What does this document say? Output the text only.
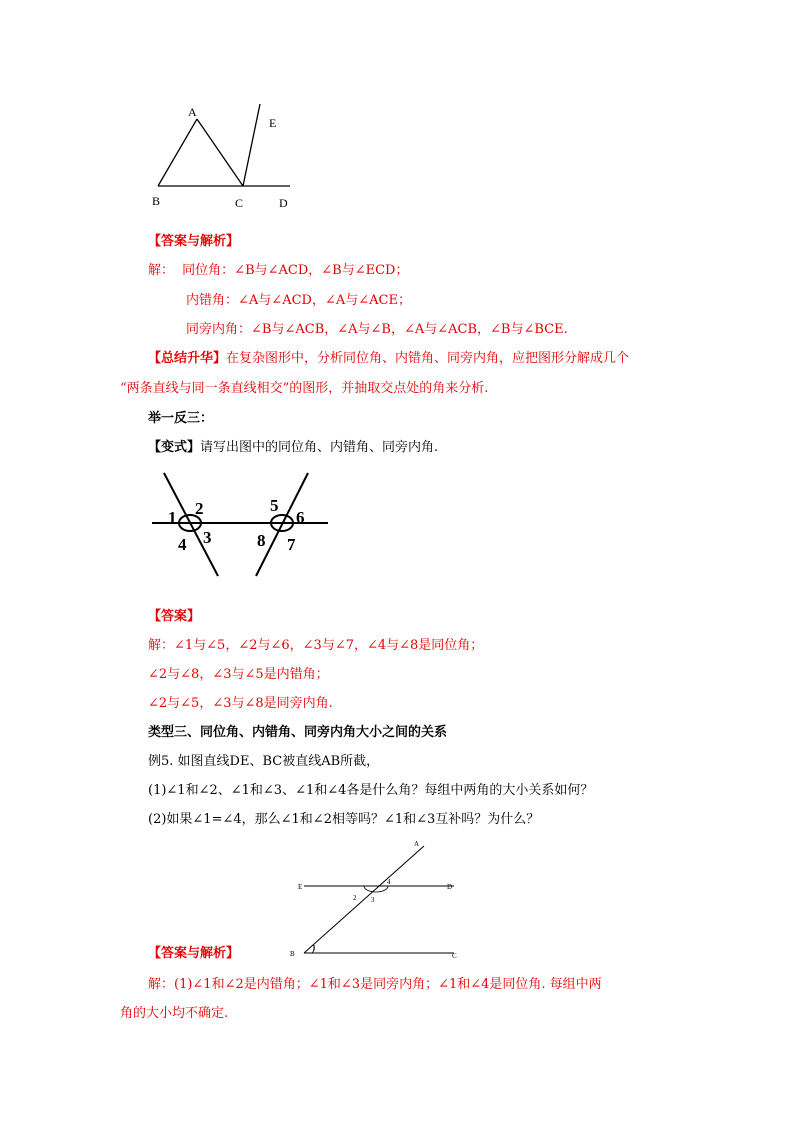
A
E
B	C	D
【答案与解析】
解： 同位角：∠B与∠ACD，∠B与∠ECD；
内错角：∠A与∠ACD，∠A与∠ACE；
同旁内角：∠B与∠ACB，∠A与∠B，∠A与∠ACB，∠B与∠BCE.
【总结升华】在复杂图形中，分析同位角、内错角、同旁内角，应把图形分解成几个
“两条直线与同一条直线相交”的图形，并抽取交点处的角来分析.
举一反三：
【变式】请写出图中的同位角、内错角、同旁内角.
1 2
3
4
5
6
7
8
【答案】
解：∠1与∠5，∠2与∠6，∠3与∠7，∠4与∠8是同位角；
∠2与∠8，∠3与∠5是内错角；
∠2与∠5，∠3与∠8是同旁内角.
类型三、同位角、内错角、同旁内角大小之间的关系
例5. 如图直线DE、BC被直线AB所截，
(1)∠1和∠2、∠1和∠3、∠1和∠4各是什么角？每组中两角的大小关系如何？
(2)如果∠1=∠4，那么∠1和∠2相等吗？∠1和∠3互补吗？为什么？
A
E	D
B	C
1
2 3
4
【答案与解析】
解：(1)∠1和∠2是内错角；∠1和∠3是同旁内角；∠1和∠4是同位角. 每组中两
角的大小均不确定.
